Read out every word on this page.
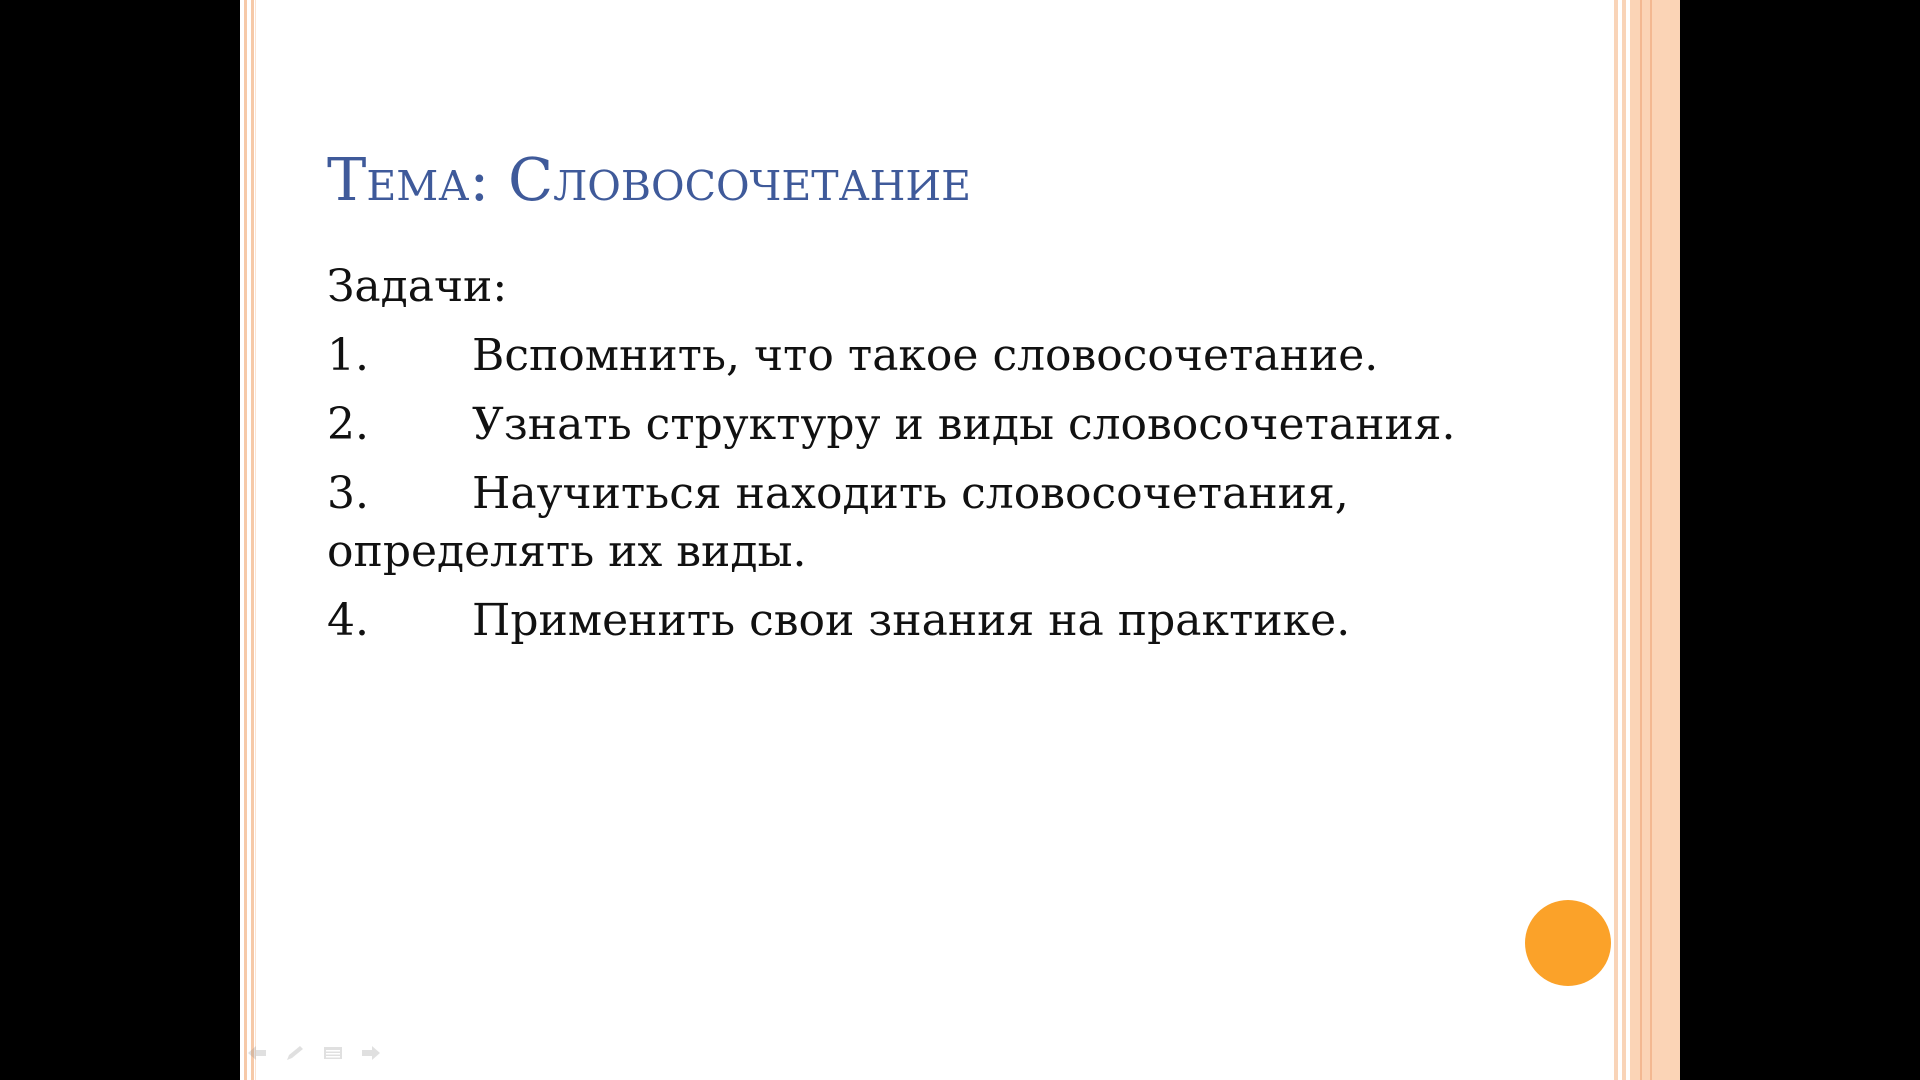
Тема: Словосочетание

Задачи:

1. Вспомнить, что такое словосочетание.

2. Узнать структуру и виды словосочетания.

3. Научиться находить словосочетания, определять их виды.

4. Применить свои знания на практике.
